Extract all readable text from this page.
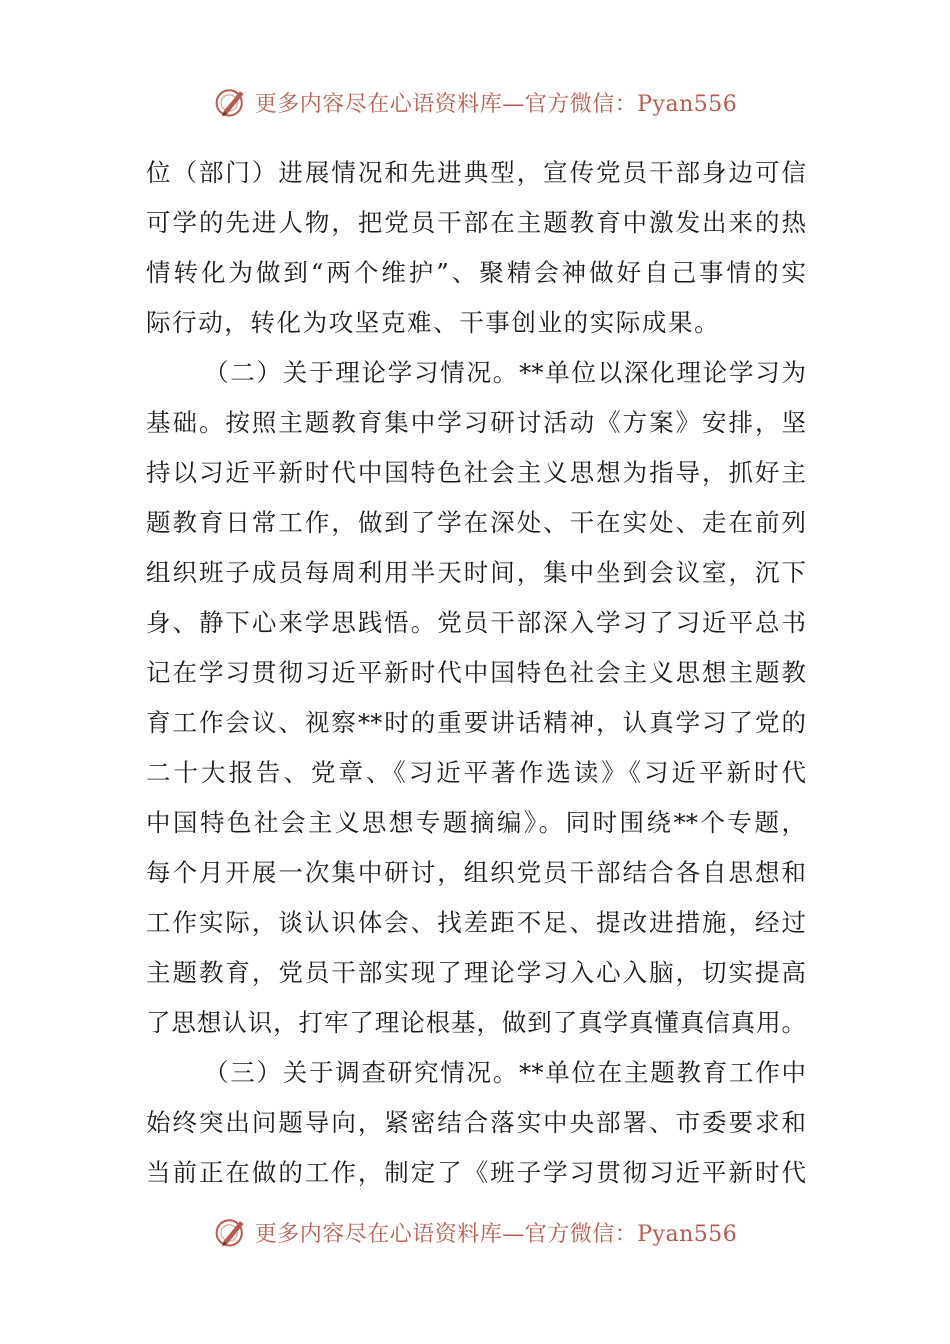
更多内容尽在心语资料库—官方微信：Pyan556
位（部门）进展情况和先进典型，宣传党员干部身边可信
可学的先进人物，把党员干部在主题教育中激发出来的热
情转化为做到“两个维护”、聚精会神做好自己事情的实
际行动，转化为攻坚克难、干事创业的实际成果。
（二）关于理论学习情况。**单位以深化理论学习为
基础。按照主题教育集中学习研讨活动《方案》安排，坚
持以习近平新时代中国特色社会主义思想为指导，抓好主
题教育日常工作，做到了学在深处、干在实处、走在前列
组织班子成员每周利用半天时间，集中坐到会议室，沉下
身、静下心来学思践悟。党员干部深入学习了习近平总书
记在学习贯彻习近平新时代中国特色社会主义思想主题教
育工作会议、视察**时的重要讲话精神，认真学习了党的
二十大报告、党章、《习近平著作选读》《习近平新时代
中国特色社会主义思想专题摘编》。同时围绕**个专题，
每个月开展一次集中研讨，组织党员干部结合各自思想和
工作实际，谈认识体会、找差距不足、提改进措施，经过
主题教育，党员干部实现了理论学习入心入脑，切实提高
了思想认识，打牢了理论根基，做到了真学真懂真信真用。
（三）关于调查研究情况。**单位在主题教育工作中
始终突出问题导向，紧密结合落实中央部署、市委要求和
当前正在做的工作，制定了《班子学习贯彻习近平新时代
更多内容尽在心语资料库—官方微信：Pyan556
